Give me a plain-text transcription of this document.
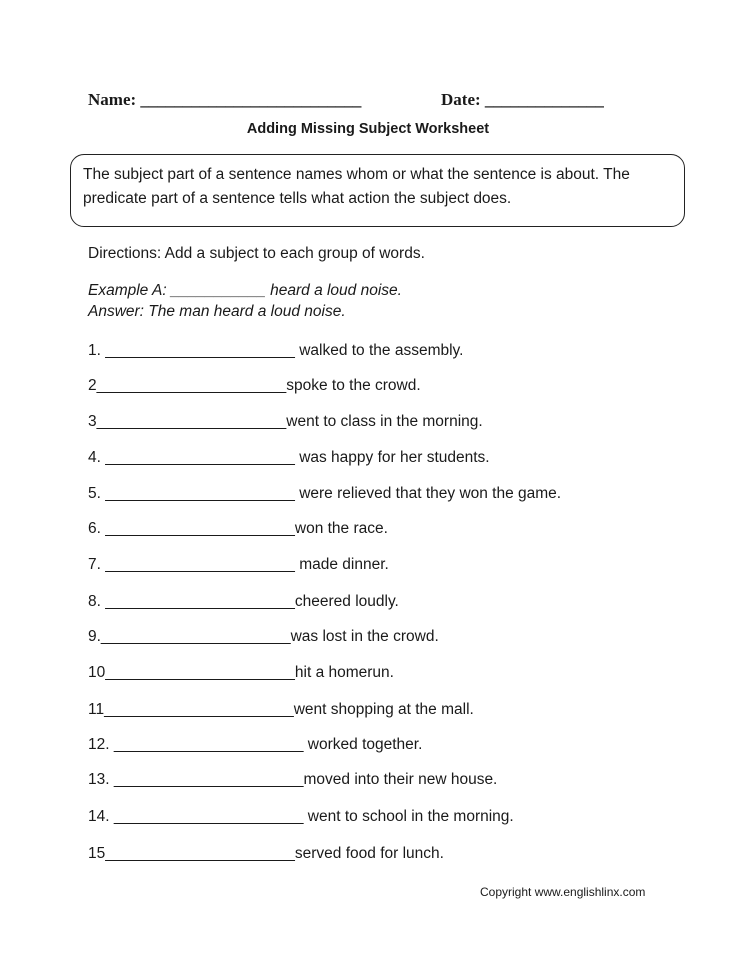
Name: __________________________	Date: ______________
Adding Missing Subject Worksheet
The subject part of a sentence names whom or what the sentence is about. The
predicate part of a sentence tells what action the subject does.
Directions: Add a subject to each group of words.
Example A: ___________ heard a loud noise.
Answer: The man heard a loud noise.
1. ______________________ walked to the assembly.
2______________________spoke to the crowd.
3______________________went to class in the morning.
4. ______________________ was happy for her students.
5. ______________________ were relieved that they won the game.
6. ______________________won the race.
7. ______________________ made dinner.
8. ______________________cheered loudly.
9.______________________was lost in the crowd.
10______________________hit a homerun.
11______________________went shopping at the mall.
12. ______________________ worked together.
13. ______________________moved into their new house.
14. ______________________ went to school in the morning.
15______________________served food for lunch.
Copyright www.englishlinx.com
